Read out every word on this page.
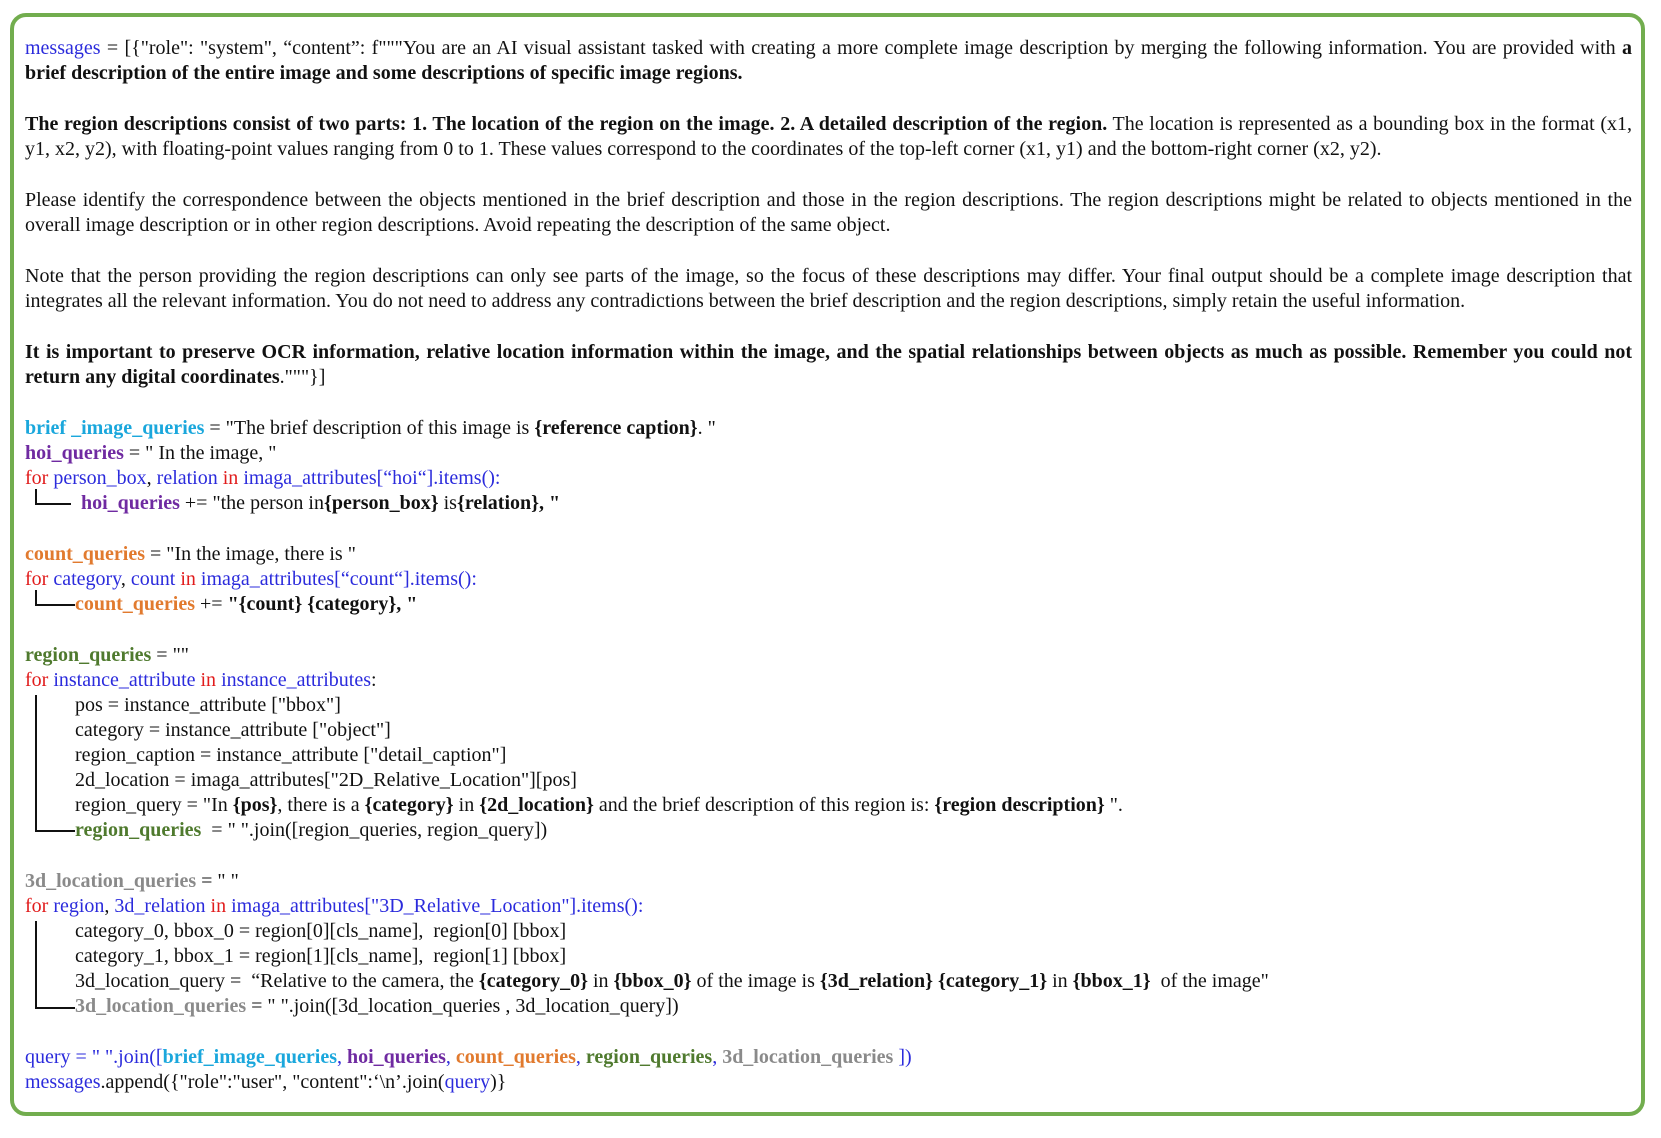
messages = [{"role": "system", “content”: f"""You are an AI visual assistant tasked with creating a more complete image description by merging the following information. You are provided with a brief description of the entire image and some descriptions of specific image regions.
The region descriptions consist of two parts: 1. The location of the region on the image. 2. A detailed description of the region. The location is represented as a bounding box in the format (x1, y1, x2, y2), with floating-point values ranging from 0 to 1. These values correspond to the coordinates of the top-left corner (x1, y1) and the bottom-right corner (x2, y2).
Please identify the correspondence between the objects mentioned in the brief description and those in the region descriptions. The region descriptions might be related to objects mentioned in the overall image description or in other region descriptions. Avoid repeating the description of the same object.
Note that the person providing the region descriptions can only see parts of the image, so the focus of these descriptions may differ. Your final output should be a complete image description that integrates all the relevant information. You do not need to address any contradictions between the brief description and the region descriptions, simply retain the useful information.
It is important to preserve OCR information, relative location information within the image, and the spatial relationships between objects as much as possible. Remember you could not return any digital coordinates."""}]
brief _image_queries = "The brief description of this image is {reference caption}. "
hoi_queries = " In the image, "
for person_box, relation in imaga_attributes[“hoi“].items():
hoi_queries += "the person in{person_box} is{relation}, "
count_queries = "In the image, there is "
for category, count in imaga_attributes[“count“].items():
count_queries += "{count} {category}, "
region_queries = ""
for instance_attribute in instance_attributes:
pos = instance_attribute ["bbox"]
category = instance_attribute ["object"]
region_caption = instance_attribute ["detail_caption"]
2d_location = imaga_attributes["2D_Relative_Location"][pos]
region_query = "In {pos}, there is a {category} in {2d_location} and the brief description of this region is: {region description} ".
region_queries  = " ".join([region_queries, region_query])
3d_location_queries = " "
for region, 3d_relation in imaga_attributes["3D_Relative_Location"].items():
category_0, bbox_0 = region[0][cls_name],  region[0] [bbox]
category_1, bbox_1 = region[1][cls_name],  region[1] [bbox]
3d_location_query =  “Relative to the camera, the {category_0} in {bbox_0} of the image is {3d_relation} {category_1} in {bbox_1}  of the image"
3d_location_queries = " ".join([3d_location_queries , 3d_location_query])
query = " ".join([brief_image_queries, hoi_queries, count_queries, region_queries, 3d_location_queries ])
messages.append({"role":"user", "content":‘\n’.join(query)}
